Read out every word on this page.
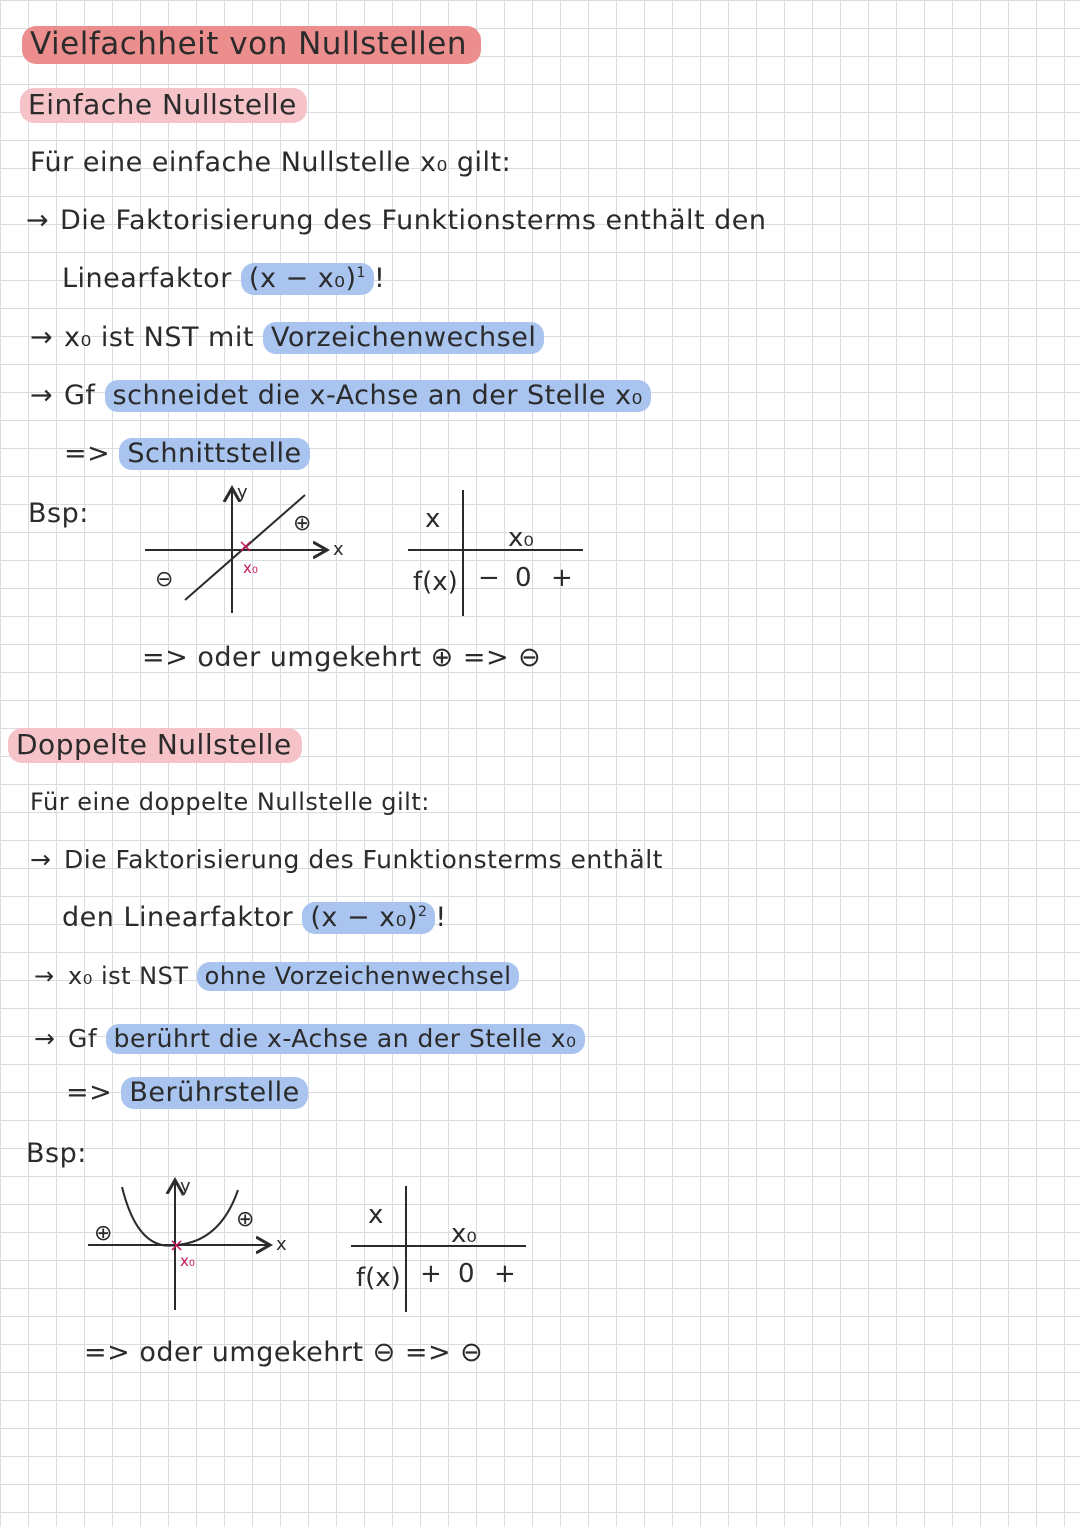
Vielfachheit von Nullstellen
Einfache Nullstelle
Für eine einfache Nullstelle x₀ gilt:
→ Die Faktorisierung des Funktionsterms enthält den
Linearfaktor $(x - x_0)^1$ !
→ x₀ ist NST mit Vorzeichenwechsel
→ Gf schneidet die x-Achse an der Stelle x₀
=> Schnittstelle
Bsp:
y
x
×
x₀
⊖
⊕	x
x₀
f(x) − 0 +
=> oder umgekehrt ⊕ => ⊖
Doppelte Nullstelle
Für eine doppelte Nullstelle gilt:
→ Die Faktorisierung des Funktionsterms enthält
den Linearfaktor $(x - x_0)^2$ !
→ x₀ ist NST ohne Vorzeichenwechsel
→ Gf berührt die x-Achse an der Stelle x₀
=> Berührstelle
Bsp:
y
x
×
x₀
⊕
⊕	x
x₀
f(x) + 0 +
=> oder umgekehrt ⊖ => ⊖
